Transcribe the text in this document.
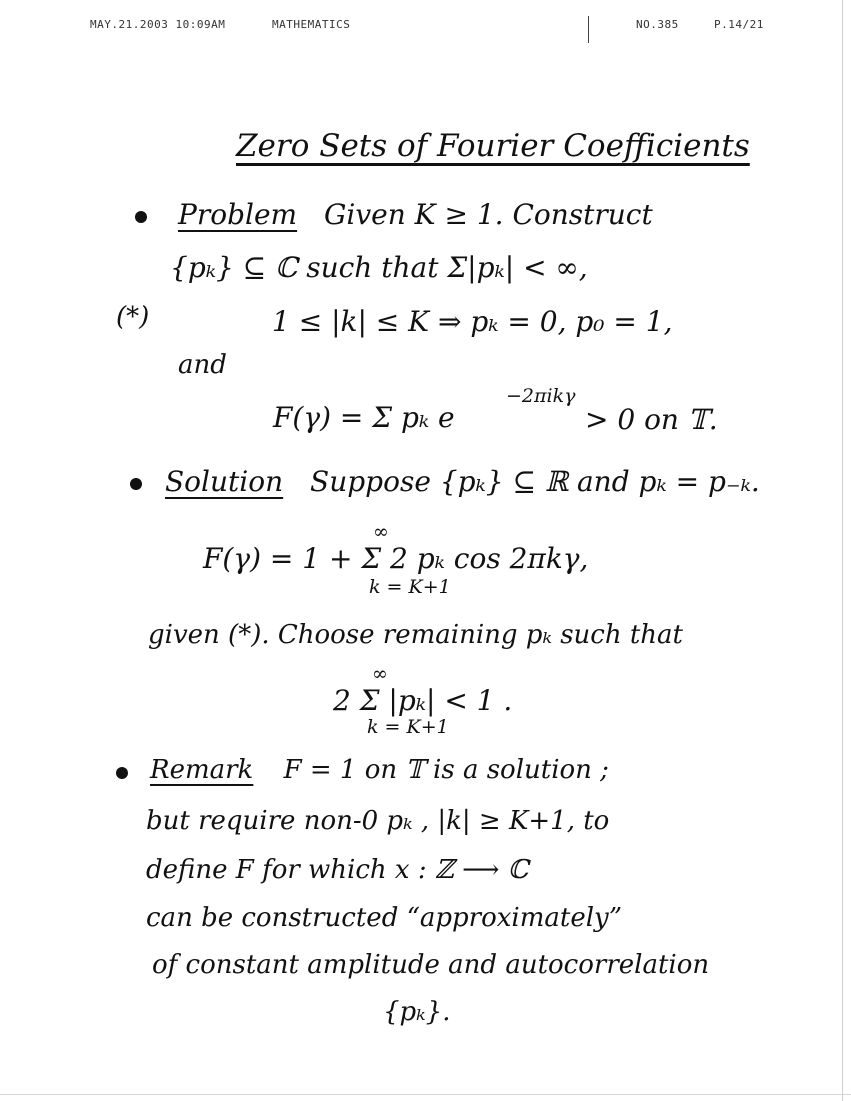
MAY.21.2003 10:09AM	MATHEMATICS	NO.385	P.14/21
Zero Sets of Fourier Coefficients
Problem Given K ≥ 1. Construct
{pₖ} ⊆ ℂ such that Σ|pₖ| < ∞,
(*)	1 ≤ |k| ≤ K ⇒ pₖ = 0, p₀ = 1,
and
F(γ) = Σ pₖ e
−2πikγ
> 0 on 𝕋.
Solution Suppose {pₖ} ⊆ ℝ and pₖ = p₋ₖ.
∞
F(γ) = 1 + Σ 2 pₖ cos 2πkγ,
k = K+1
given (*). Choose remaining pₖ such that
∞
2 Σ |pₖ| < 1 .
k = K+1
Remark F = 1 on 𝕋 is a solution ;
but require non-0 pₖ , |k| ≥ K+1, to
define F for which x : ℤ ⟶ ℂ
can be constructed “approximately”
of constant amplitude and autocorrelation
{pₖ}.
